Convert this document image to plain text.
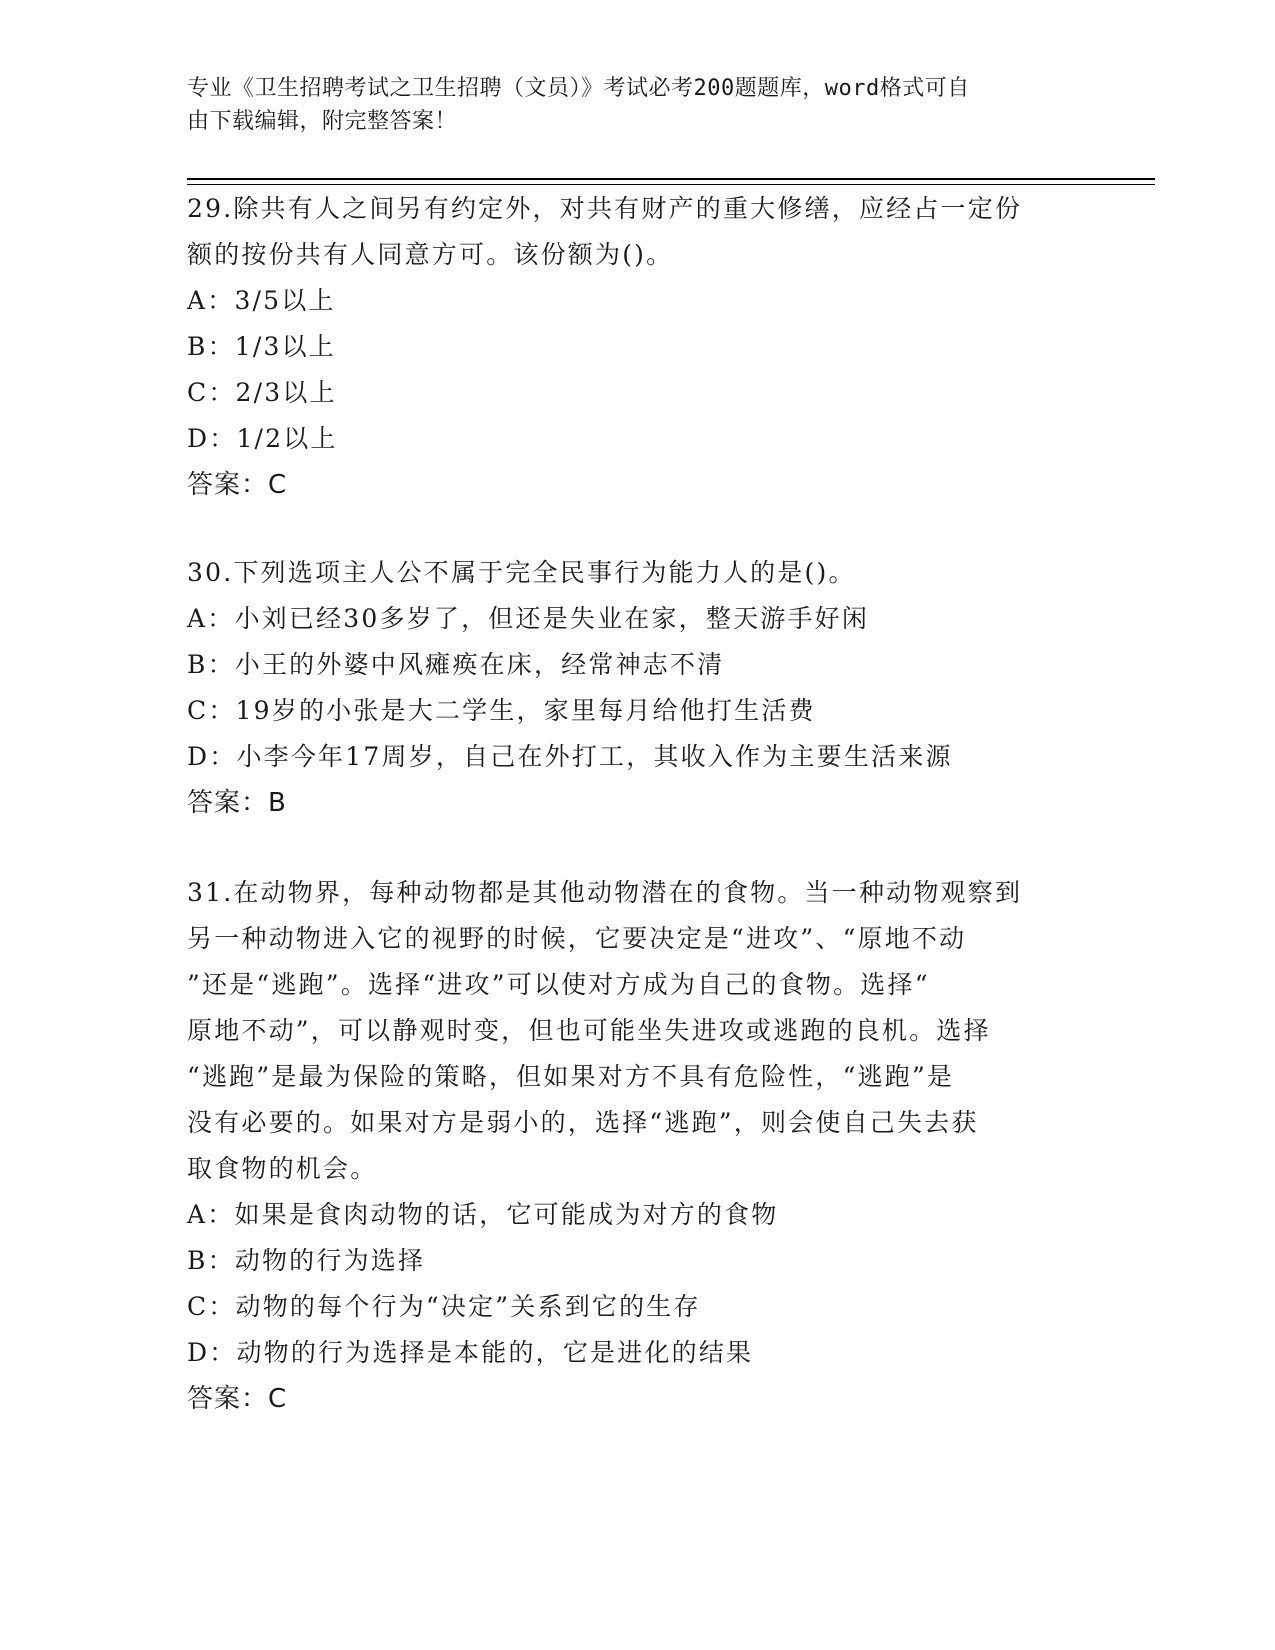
专业《卫生招聘考试之卫生招聘（文员）》考试必考200题题库，word格式可自
由下载编辑，附完整答案！

29.除共有人之间另有约定外，对共有财产的重大修缮，应经占一定份

额的按份共有人同意方可。该份额为()。

A：3/5以上

B：1/3以上

C：2/3以上

D：1/2以上

答案：C

30.下列选项主人公不属于完全民事行为能力人的是()。

A：小刘已经30多岁了，但还是失业在家，整天游手好闲

B：小王的外婆中风瘫痪在床，经常神志不清

C：19岁的小张是大二学生，家里每月给他打生活费

D：小李今年17周岁，自己在外打工，其收入作为主要生活来源

答案：B

31.在动物界，每种动物都是其他动物潜在的食物。当一种动物观察到

另一种动物进入它的视野的时候，它要决定是“进攻”、“原地不动

”还是“逃跑”。选择“进攻”可以使对方成为自己的食物。选择“

原地不动”，可以静观时变，但也可能坐失进攻或逃跑的良机。选择

“逃跑”是最为保险的策略，但如果对方不具有危险性，“逃跑”是

没有必要的。如果对方是弱小的，选择“逃跑”，则会使自己失去获

取食物的机会。

A：如果是食肉动物的话，它可能成为对方的食物

B：动物的行为选择

C：动物的每个行为“决定”关系到它的生存

D：动物的行为选择是本能的，它是进化的结果

答案：C
